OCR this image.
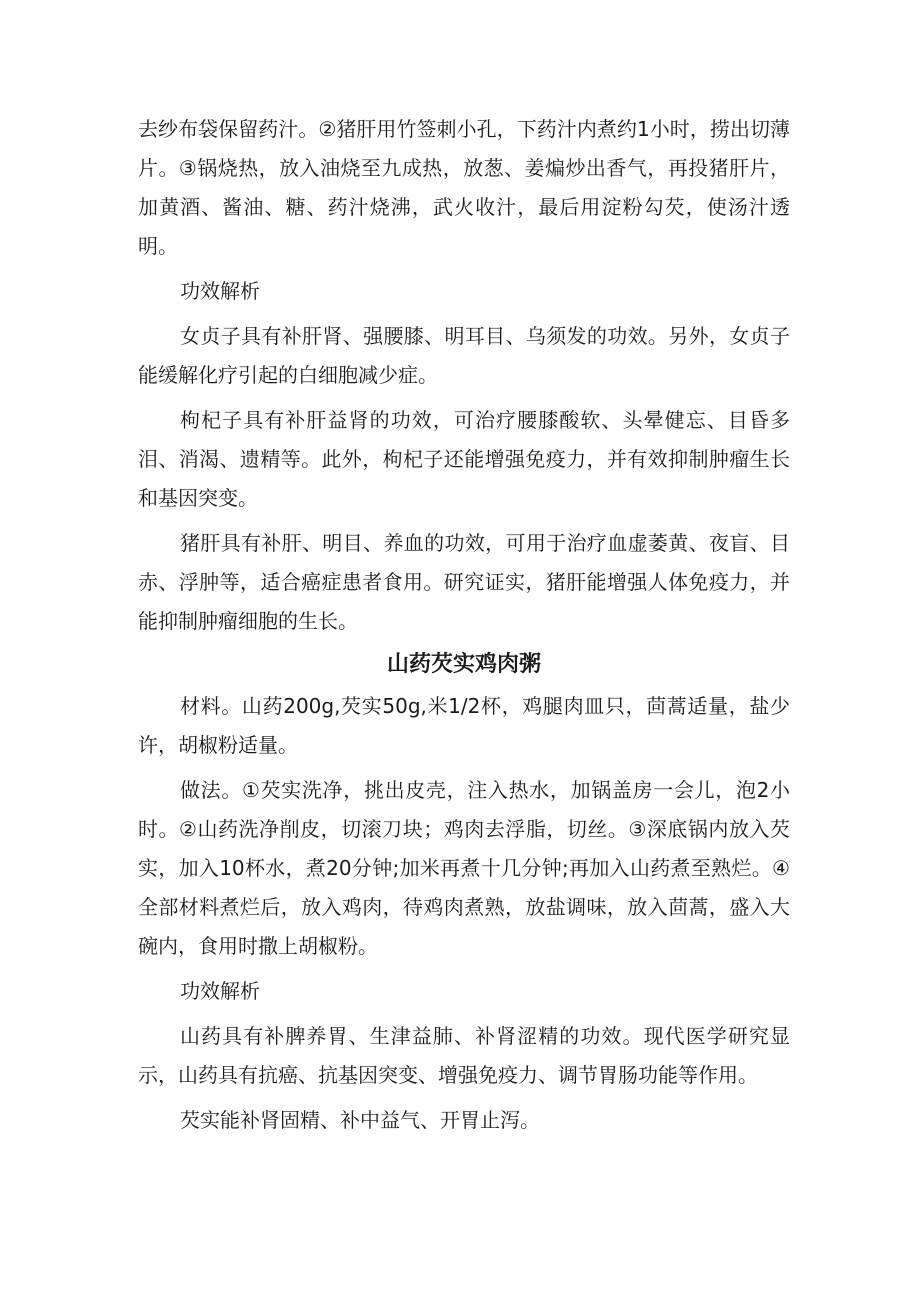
去纱布袋保留药汁。②猪肝用竹签刺小孔，下药汁内煮约1小时，捞出切薄片。③锅烧热，放入油烧至九成热，放葱、姜煸炒出香气，再投猪肝片，加黄酒、酱油、糖、药汁烧沸，武火收汁，最后用淀粉勾芡，使汤汁透明。

功效解析

女贞子具有补肝肾、强腰膝、明耳目、乌须发的功效。另外，女贞子能缓解化疗引起的白细胞减少症。

枸杞子具有补肝益肾的功效，可治疗腰膝酸软、头晕健忘、目昏多泪、消渴、遗精等。此外，枸杞子还能增强免疫力，并有效抑制肿瘤生长和基因突变。

猪肝具有补肝、明目、养血的功效，可用于治疗血虚萎黄、夜盲、目赤、浮肿等，适合癌症患者食用。研究证实，猪肝能增强人体免疫力，并能抑制肿瘤细胞的生长。

山药芡实鸡肉粥

材料。山药200g,芡实50g,米1/2杯，鸡腿肉皿只，茴蒿适量，盐少许，胡椒粉适量。

做法。①芡实洗净，挑出皮壳，注入热水，加锅盖房一会儿，泡2小时。②山药洗净削皮，切滚刀块；鸡肉去浮脂，切丝。③深底锅内放入芡实，加入10杯水，煮20分钟;加米再煮十几分钟;再加入山药煮至熟烂。④全部材料煮烂后，放入鸡肉，待鸡肉煮熟，放盐调味，放入茴蒿，盛入大碗内，食用时撒上胡椒粉。

功效解析

山药具有补脾养胃、生津益肺、补肾涩精的功效。现代医学研究显示，山药具有抗癌、抗基因突变、增强免疫力、调节胃肠功能等作用。

芡实能补肾固精、补中益气、开胃止泻。
